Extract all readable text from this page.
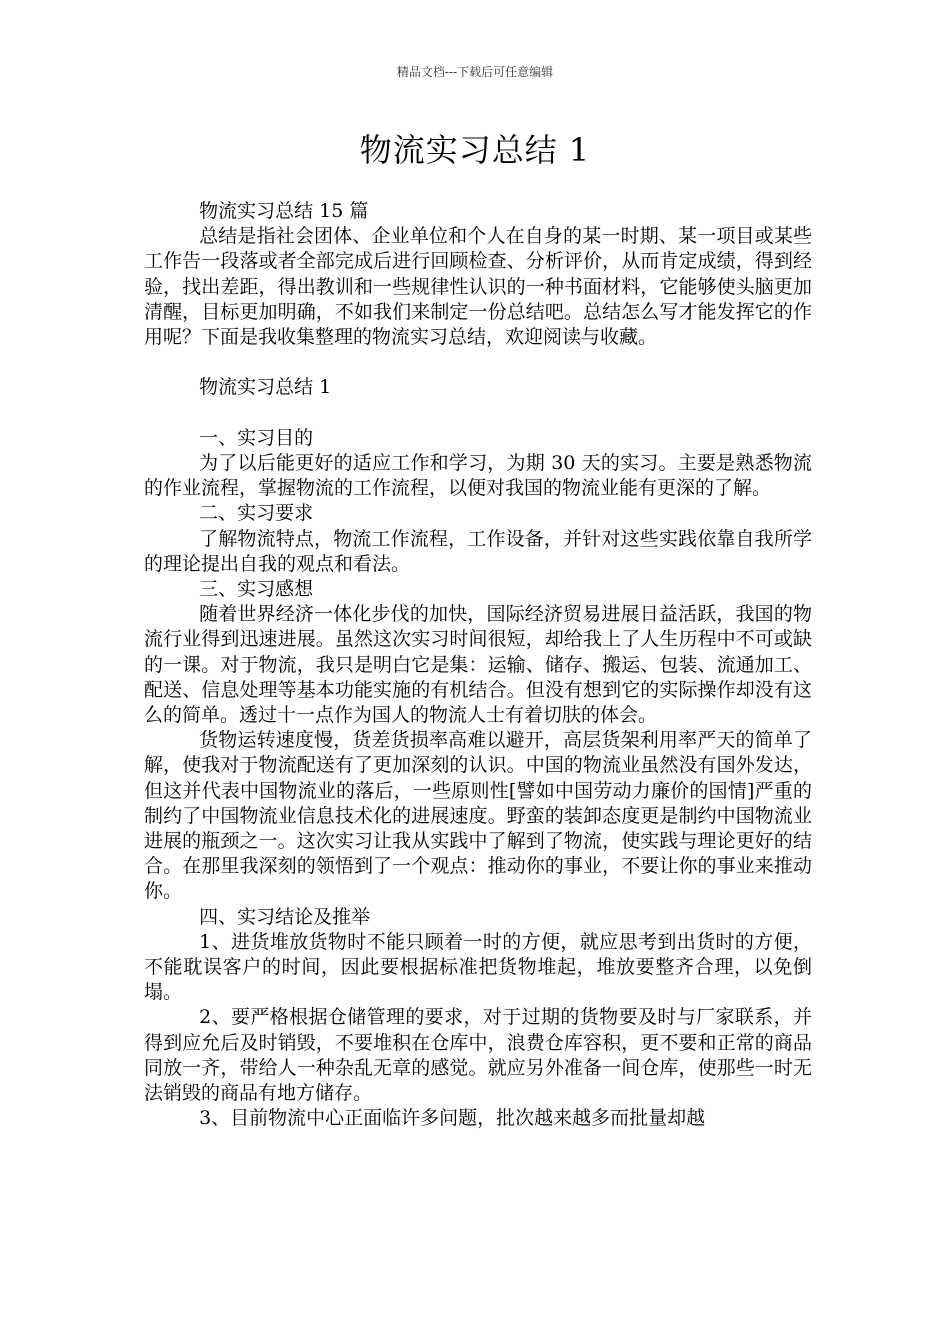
精品文档---下载后可任意编辑
物流实习总结 1

物流实习总结 15 篇

总结是指社会团体、企业单位和个人在自身的某一时期、某一项目或某些工作告一段落或者全部完成后进行回顾检查、分析评价，从而肯定成绩，得到经验，找出差距，得出教训和一些规律性认识的一种书面材料，它能够使头脑更加清醒，目标更加明确，不如我们来制定一份总结吧。总结怎么写才能发挥它的作用呢？下面是我收集整理的物流实习总结，欢迎阅读与收藏。

物流实习总结 1

一、实习目的

为了以后能更好的适应工作和学习，为期 30 天的实习。主要是熟悉物流的作业流程，掌握物流的工作流程，以便对我国的物流业能有更深的了解。

二、实习要求

了解物流特点，物流工作流程，工作设备，并针对这些实践依靠自我所学的理论提出自我的观点和看法。

三、实习感想

随着世界经济一体化步伐的加快，国际经济贸易进展日益活跃，我国的物流行业得到迅速进展。虽然这次实习时间很短，却给我上了人生历程中不可或缺的一课。对于物流，我只是明白它是集：运输、储存、搬运、包装、流通加工、配送、信息处理等基本功能实施的有机结合。但没有想到它的实际操作却没有这么的简单。透过十一点作为国人的物流人士有着切肤的体会。

货物运转速度慢，货差货损率高难以避开，高层货架利用率严天的简单了解，使我对于物流配送有了更加深刻的认识。中国的物流业虽然没有国外发达，但这并代表中国物流业的落后，一些原则性[譬如中国劳动力廉价的国情]严重的制约了中国物流业信息技术化的进展速度。野蛮的装卸态度更是制约中国物流业进展的瓶颈之一。这次实习让我从实践中了解到了物流，使实践与理论更好的结合。在那里我深刻的领悟到了一个观点：推动你的事业，不要让你的事业来推动你。

四、实习结论及推举

1、进货堆放货物时不能只顾着一时的方便，就应思考到出货时的方便，不能耽误客户的时间，因此要根据标准把货物堆起，堆放要整齐合理，以免倒塌。

2、要严格根据仓储管理的要求，对于过期的货物要及时与厂家联系，并得到应允后及时销毁，不要堆积在仓库中，浪费仓库容积，更不要和正常的商品同放一齐，带给人一种杂乱无章的感觉。就应另外准备一间仓库，使那些一时无法销毁的商品有地方储存。

3、目前物流中心正面临许多问题，批次越来越多而批量却越
